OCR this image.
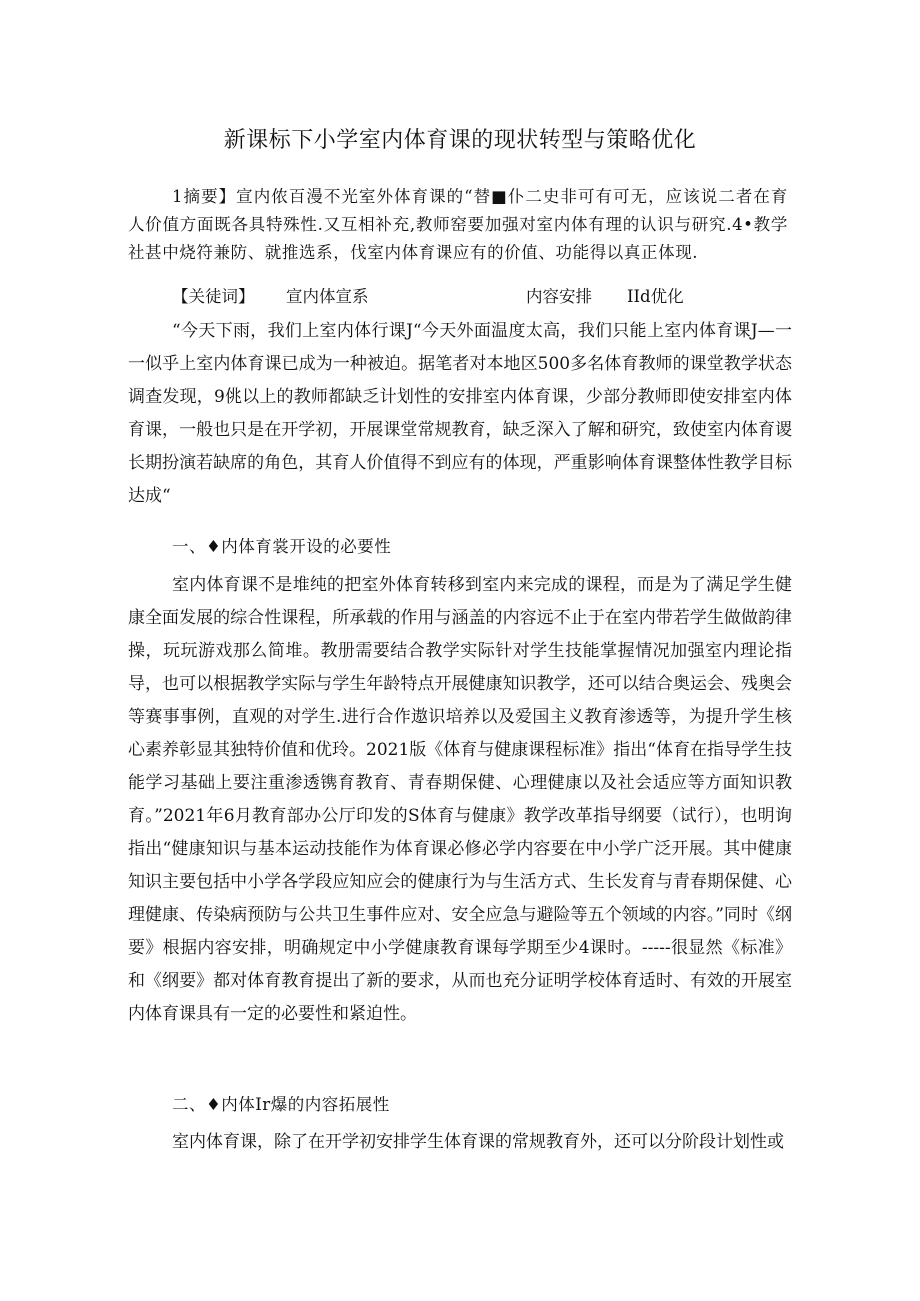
新课标下小学室内体育课的现状转型与策略优化

1摘要】宣内侬百漫不光室外体育课的“替■仆二史非可有可无，应该说二者在育人价值方面既各具特殊性.又互相补充,教师窑要加强对室内体有理的认识与研究.4•教学社甚中烧符兼防、就推选系，伐室内体育课应有的价值、功能得以真正体现.

【关徒词】 宣内体宣系	内容安排 IId优化

“今天下雨，我们上室内体行课J“今天外面温度太高，我们只能上室内体育课J—一一似乎上室内体育课已成为一种被迫。据笔者对本地区500多名体育教师的课堂教学状态调查发现，9佻以上的教师都缺乏计划性的安排室内体育课，少部分教师即使安排室内体育课，一般也只是在开学初，开展课堂常规教育，缺乏深入了解和研究，致使室内体育谡长期扮演若缺席的角色，其育人价值得不到应有的体现，严重影响体育课整体性教学目标达成“

一、♦内体育裳开设的必要性

室内体育课不是堆纯的把室外体育转移到室内来完成的课程，而是为了满足学生健康全面发展的综合性课程，所承载的作用与涵盖的内容远不止于在室内带若学生做做韵律操，玩玩游戏那么简堆。教册需要结合教学实际针对学生技能掌握情况加强室内理论指导，也可以根据教学实际与学生年龄特点开展健康知识教学，还可以结合奥运会、残奥会等赛事事例，直观的对学生.进行合作遨识培养以及爱国主义教育渗透等，为提升学生核心素养彰显其独特价值和优玲。2021版《体育与健康课程标准》指出“体育在指导学生技能学习基础上要注重渗透镌育教育、青春期保健、心理健康以及社会适应等方面知识教育。”2021年6月教育部办公厅印发的S体育与健康》教学改革指导纲要（试行），也明询指出“健康知识与基本运动技能作为体育课必修必学内容要在中小学广泛开展。其中健康知识主要包括中小学各学段应知应会的健康行为与生活方式、生长发育与青春期保健、心理健康、传染病预防与公共卫生事件应对、安全应急与避险等五个领域的内容。”同时《纲要》根据内容安排，明确规定中小学健康教育课每学期至少4课时。-----很显然《标准》和《纲要》都对体育教育提出了新的要求，从而也充分证明学校体育适时、有效的开展室内体育课具有一定的必要性和紧迫性。

二、♦内体Ir爆的内容拓展性

室内体育课，除了在开学初安排学生体育课的常规教育外，还可以分阶段计划性或
